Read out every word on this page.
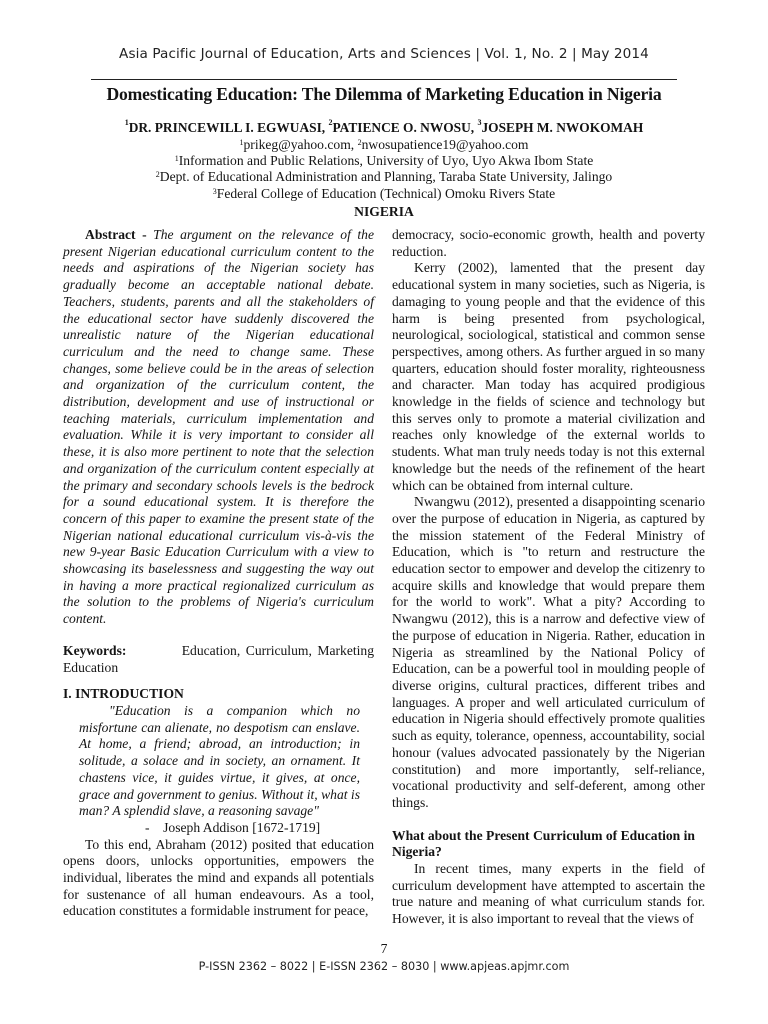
Asia Pacific Journal of Education, Arts and Sciences | Vol. 1, No. 2 | May 2014
Domesticating Education: The Dilemma of Marketing Education in Nigeria
$^1$DR. PRINCEWILL I. EGWUASI, $^2$PATIENCE O. NWOSU, $^3$JOSEPH M. NWOKOMAH
$^1$prikeg@yahoo.com, $^2$nwosupatience19@yahoo.com
$^1$Information and Public Relations, University of Uyo, Uyo Akwa Ibom State
$^2$Dept. of Educational Administration and Planning, Taraba State University, Jalingo
$^3$Federal College of Education (Technical) Omoku Rivers State
NIGERIA

Abstract - The argument on the relevance of the present Nigerian educational curriculum content to the needs and aspirations of the Nigerian society has gradually become an acceptable national debate. Teachers, students, parents and all the stakeholders of the educational sector have suddenly discovered the unrealistic nature of the Nigerian educational curriculum and the need to change same. These changes, some believe could be in the areas of selection and organization of the curriculum content, the distribution, development and use of instructional or teaching materials, curriculum implementation and evaluation. While it is very important to consider all these, it is also more pertinent to note that the selection and organization of the curriculum content especially at the primary and secondary schools levels is the bedrock for a sound educational system. It is therefore the concern of this paper to examine the present state of the Nigerian national educational curriculum vis-à-vis the new 9-year Basic Education Curriculum with a view to showcasing its baselessness and suggesting the way out in having a more practical regionalized curriculum as the solution to the problems of Nigeria's curriculum content.

Keywords:	Education, Curriculum, Marketing Education

I. INTRODUCTION

"Education is a companion which no misfortune can alienate, no despotism can enslave. At home, a friend; abroad, an introduction; in solitude, a solace and in society, an ornament. It chastens vice, it guides virtue, it gives, at once, grace and government to genius. Without it, what is man? A splendid slave, a reasoning savage"

-    Joseph Addison [1672-1719]

To this end, Abraham (2012) posited that education opens doors, unlocks opportunities, empowers the individual, liberates the mind and expands all potentials for sustenance of all human endeavours. As a tool, education constitutes a formidable instrument for peace,

democracy, socio-economic growth, health and poverty reduction.

Kerry (2002), lamented that the present day educational system in many societies, such as Nigeria, is damaging to young people and that the evidence of this harm is being presented from psychological, neurological, sociological, statistical and common sense perspectives, among others. As further argued in so many quarters, education should foster morality, righteousness and character. Man today has acquired prodigious knowledge in the fields of science and technology but this serves only to promote a material civilization and reaches only knowledge of the external worlds to students. What man truly needs today is not this external knowledge but the needs of the refinement of the heart which can be obtained from internal culture.

Nwangwu (2012), presented a disappointing scenario over the purpose of education in Nigeria, as captured by the mission statement of the Federal Ministry of Education, which is "to return and restructure the education sector to empower and develop the citizenry to acquire skills and knowledge that would prepare them for the world to work". What a pity? According to Nwangwu (2012), this is a narrow and defective view of the purpose of education in Nigeria. Rather, education in Nigeria as streamlined by the National Policy of Education, can be a powerful tool in moulding people of diverse origins, cultural practices, different tribes and languages. A proper and well articulated curriculum of education in Nigeria should effectively promote qualities such as equity, tolerance, openness, accountability, social honour (values advocated passionately by the Nigerian constitution) and more importantly, self-reliance, vocational productivity and self-deferent, among other things.

What about the Present Curriculum of Education in Nigeria?

In recent times, many experts in the field of curriculum development have attempted to ascertain the true nature and meaning of what curriculum stands for. However, it is also important to reveal that the views of

7
P-ISSN 2362 – 8022 | E-ISSN 2362 – 8030 | www.apjeas.apjmr.com
